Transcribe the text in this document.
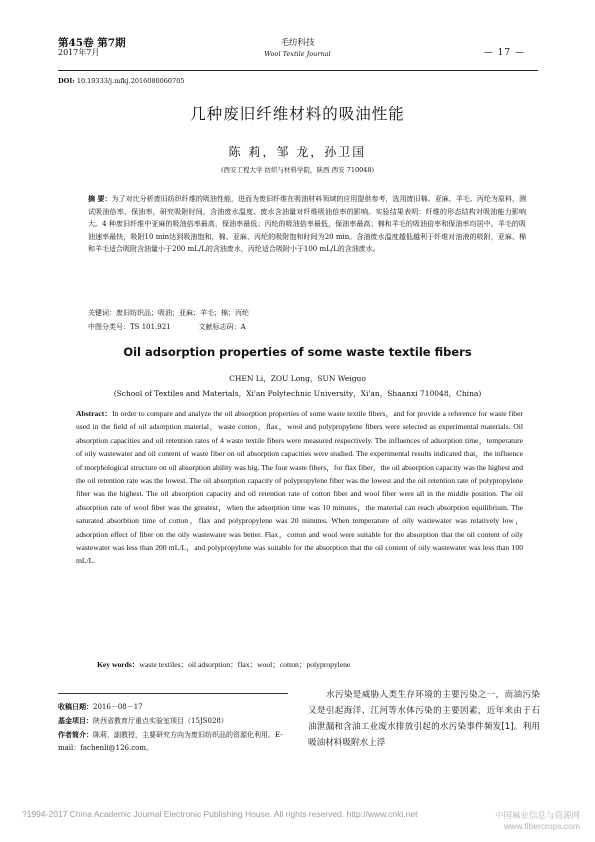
第45卷 第7期
2017年7月
毛纺科技
Wool Textile Journal	— 17 —
DOI: 10.19333/j.mfkj.2016080060705
几种废旧纤维材料的吸油性能
陈 莉，邹 龙，孙卫国
(西安工程大学 纺织与材料学院，陕西 西安 710048)
摘 要：为了对比分析废旧纺织纤维的吸油性能，进而为废旧纤维在吸油材料领域的应用提供参考，选用废旧棉、亚麻、羊毛、丙纶为原料，测试吸油倍率、保油率，研究吸附时间、含油废水温度、废水含油量对纤维吸油倍率的影响。实验结果表明：纤维的形态结构对吸油能力影响大。4 种废旧纤维中亚麻的吸油倍率最高，保油率最低；丙纶的吸油倍率最低，保油率最高；棉和羊毛的吸油倍率和保油率均居中。羊毛的吸油速率最快，吸附10 min达到吸油饱和，棉、亚麻、丙纶的吸附饱和时间为20 min。含油废水温度越低越利于纤维对油液的吸附，亚麻、棉和羊毛适合吸附含油量小于200 mL/L的含油废水，丙纶适合吸附小于100 mL/L的含油废水。
关键词：废旧纺织品；吸油；亚麻；羊毛；棉；丙纶
中图分类号：TS 101.921	文献标志码：A
Oil adsorption properties of some waste textile fibers
CHEN Li，ZOU Long，SUN Weiguo
(School of Textiles and Materials，Xi'an Polytechnic University，Xi'an，Shaanxi 710048，China)
Abstract：In order to compare and analyze the oil absorption properties of some waste textile fibers，and for provide a reference for waste fiber used in the field of oil adsorption material，waste cotton，flax，wool and polypropylene fibers were selected as experimental materials. Oil absorption capacities and oil retention rates of 4 waste textile fibers were measured respectively. The influences of adsorption time，temperature of oily wastewater and oil content of waste fiber on oil absorption capacities were studied. The experimental results indicated that，the influence of morphological structure on oil absorption ability was big. The four waste fibers，for flax fiber，the oil absorption capacity was the highest and the oil retention rate was the lowest. The oil absorption capacity of polypropylene fiber was the lowest and the oil retention rate of polypropylene fiber was the highest. The oil absorption capacity and oil retention rate of cotton fiber and wool fiber were all in the middle position. The oil absorption rate of wool fiber was the greatest，when the adsorption time was 10 minutes，the material can reach absorption equilibrium. The saturated absorbtion time of cotton，flax and polypropylene was 20 minutes. When temperature of oily wastewater was relatively low，adsorption effect of fiber on the oily wastewater was better. Flax，cotton and wool were suitable for the absorption that the oil content of oily wastewater was less than 200 mL/L，and polypropylene was suitable for the absorption that the oil content of oily wastewater was less than 100 mL/L.
Key words：waste textiles；oil adsorption；flax；wool；cotton；polypropylene
收稿日期：2016－08－17
基金项目：陕西省教育厅重点实验室项目（15JS028）
作者简介：陈莉，副教授，主要研究方向为废旧纺织品的资源化利用。E-mail：fachenli@126.com。
水污染是威胁人类生存环境的主要污染之一，而油污染又是引起海洋、江河等水体污染的主要因素，近年来由于石油泄漏和含油工业废水排放引起的水污染事件频发[1]。利用吸油材料吸附水上浮
?1994-2017 China Academic Journal Electronic Publishing House. All rights reserved. http://www.cnki.net	中国麻业信息与资源网
www.fibercrops.com
